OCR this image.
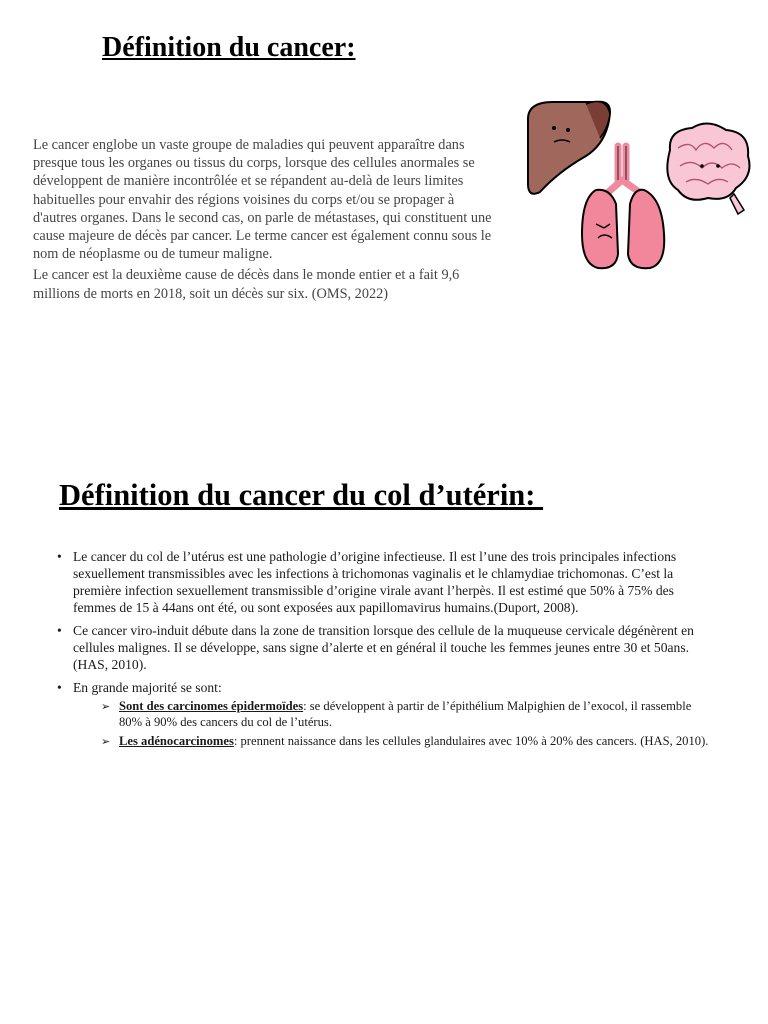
Définition du cancer:

Le cancer englobe un vaste groupe de maladies qui peuvent apparaître dans presque tous les organes ou tissus du corps, lorsque des cellules anormales se développent de manière incontrôlée et se répandent au-delà de leurs limites habituelles pour envahir des régions voisines du corps et/ou se propager à d'autres organes. Dans le second cas, on parle de métastases, qui constituent une cause majeure de décès par cancer. Le terme cancer est également connu sous le nom de néoplasme ou de tumeur maligne.

Le cancer est la deuxième cause de décès dans le monde entier et a fait 9,6 millions de morts en 2018, soit un décès sur six. (OMS, 2022)

Définition du cancer du col d’utérin:
• Le cancer du col de l’utérus est une pathologie d’origine infectieuse. Il est l’une des trois principales infections sexuellement transmissibles avec les infections à trichomonas vaginalis et le chlamydiae trichomonas. C’est la première infection sexuellement transmissible d’origine virale avant l’herpès. Il est estimé que 50% à 75% des femmes de 15 à 44ans ont été, ou sont exposées aux papillomavirus humains.(Duport, 2008).
• Ce cancer viro-induit débute dans la zone de transition lorsque des cellule de la muqueuse cervicale dégénèrent en cellules malignes. Il se développe, sans signe d’alerte et en général il touche les femmes jeunes entre 30 et 50ans. (HAS, 2010).
• En grande majorité se sont:
➢ Sont des carcinomes épidermoïdes: se développent à partir de l’épithélium Malpighien de l’exocol, il rassemble 80% à 90% des cancers du col de l’utérus.
➢ Les adénocarcinomes: prennent naissance dans les cellules glandulaires avec 10% à 20% des cancers. (HAS, 2010).
